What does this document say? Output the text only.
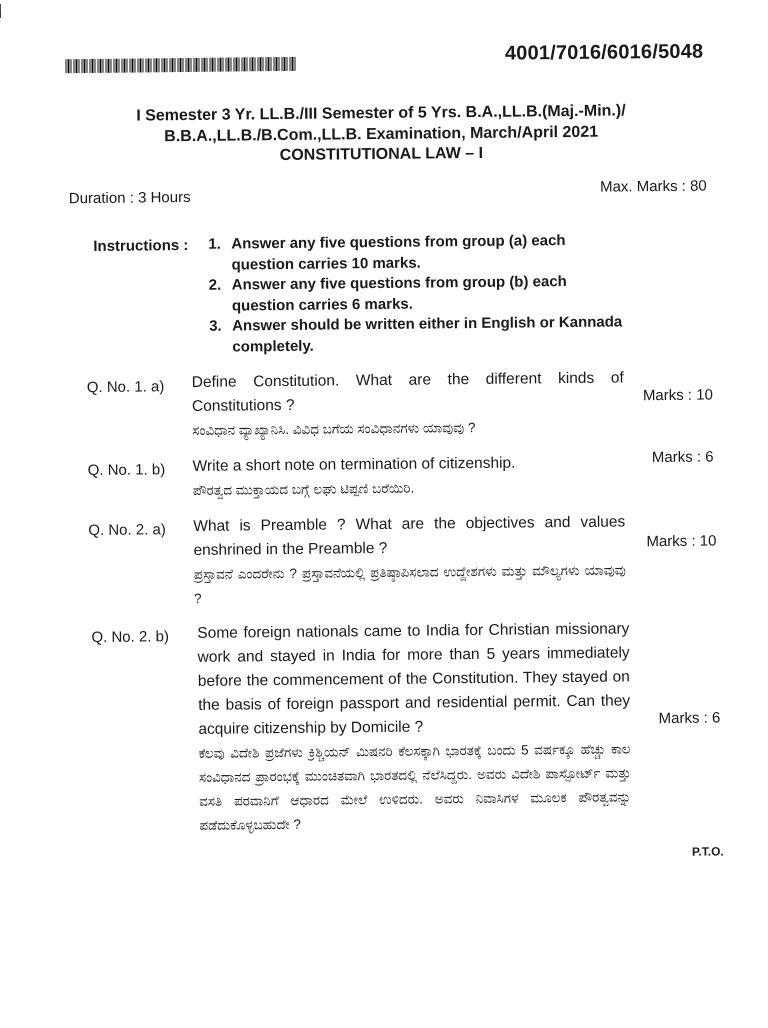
4001/7016/6016/5048
I Semester 3 Yr. LL.B./III Semester of 5 Yrs. B.A.,LL.B.(Maj.-Min.)/
B.B.A.,LL.B./B.Com.,LL.B. Examination, March/April 2021
CONSTITUTIONAL LAW – I
Duration : 3 Hours
Max. Marks : 80
Instructions : 1. Answer any five questions from group (a) each question carries 10 marks.
2. Answer any five questions from group (b) each question carries 6 marks.
3. Answer should be written either in English or Kannada completely.
Q. No. 1. a) Define Constitution. What are the different kinds of Constitutions ?
ಸಂವಿಧಾನ ವ್ಯಾಖ್ಯಾನಿಸಿ. ವಿವಿಧ ಬಗೆಯ ಸಂವಿಧಾನಗಳು ಯಾವುವು ?
Marks : 10
Q. No. 1. b) Write a short note on termination of citizenship.
ಪೌರತ್ವದ ಮುಕ್ತಾಯದ ಬಗ್ಗೆ ಲಘು ಟಿಪ್ಪಣಿ ಬರೆಯಿರಿ.
Marks : 6
Q. No. 2. a) What is Preamble ? What are the objectives and values enshrined in the Preamble ?
ಪ್ರಸ್ತಾವನೆ ಎಂದರೇನು ? ಪ್ರಸ್ತಾವನೆಯಲ್ಲಿ ಪ್ರತಿಷ್ಠಾಪಿಸಲಾದ ಉದ್ದೇಶಗಳು ಮತ್ತು ಮೌಲ್ಯಗಳು ಯಾವುವು ?
Marks : 10
Q. No. 2. b) Some foreign nationals came to India for Christian missionary work and stayed in India for more than 5 years immediately before the commencement of the Constitution. They stayed on the basis of foreign passport and residential permit. Can they acquire citizenship by Domicile ?
ಕೆಲವು ವಿದೇಶಿ ಪ್ರಜೆಗಳು ಕ್ರಿಶ್ಚಿಯನ್ ಮಿಷನರಿ ಕೆಲಸಕ್ಕಾಗಿ ಭಾರತಕ್ಕೆ ಬಂದು 5 ವರ್ಷಕ್ಕೂ ಹೆಚ್ಚು ಕಾಲ ಸಂವಿಧಾನದ ಪ್ರಾರಂಭಕ್ಕೆ ಮುಂಚಿತವಾಗಿ ಭಾರತದಲ್ಲಿ ನೆಲೆಸಿದ್ದರು. ಅವರು ವಿದೇಶಿ ಪಾಸ್ಪೋರ್ಟ್ ಮತ್ತು ವಸತಿ ಪರವಾನಿಗೆ ಆಧಾರದ ಮೇಲೆ ಉಳಿದರು. ಅವರು ನಿವಾಸಿಗಳ ಮೂಲಕ ಪೌರತ್ವವನ್ನು ಪಡೆದುಕೊಳ್ಳಬಹುದೇ ?
Marks : 6
P.T.O.
